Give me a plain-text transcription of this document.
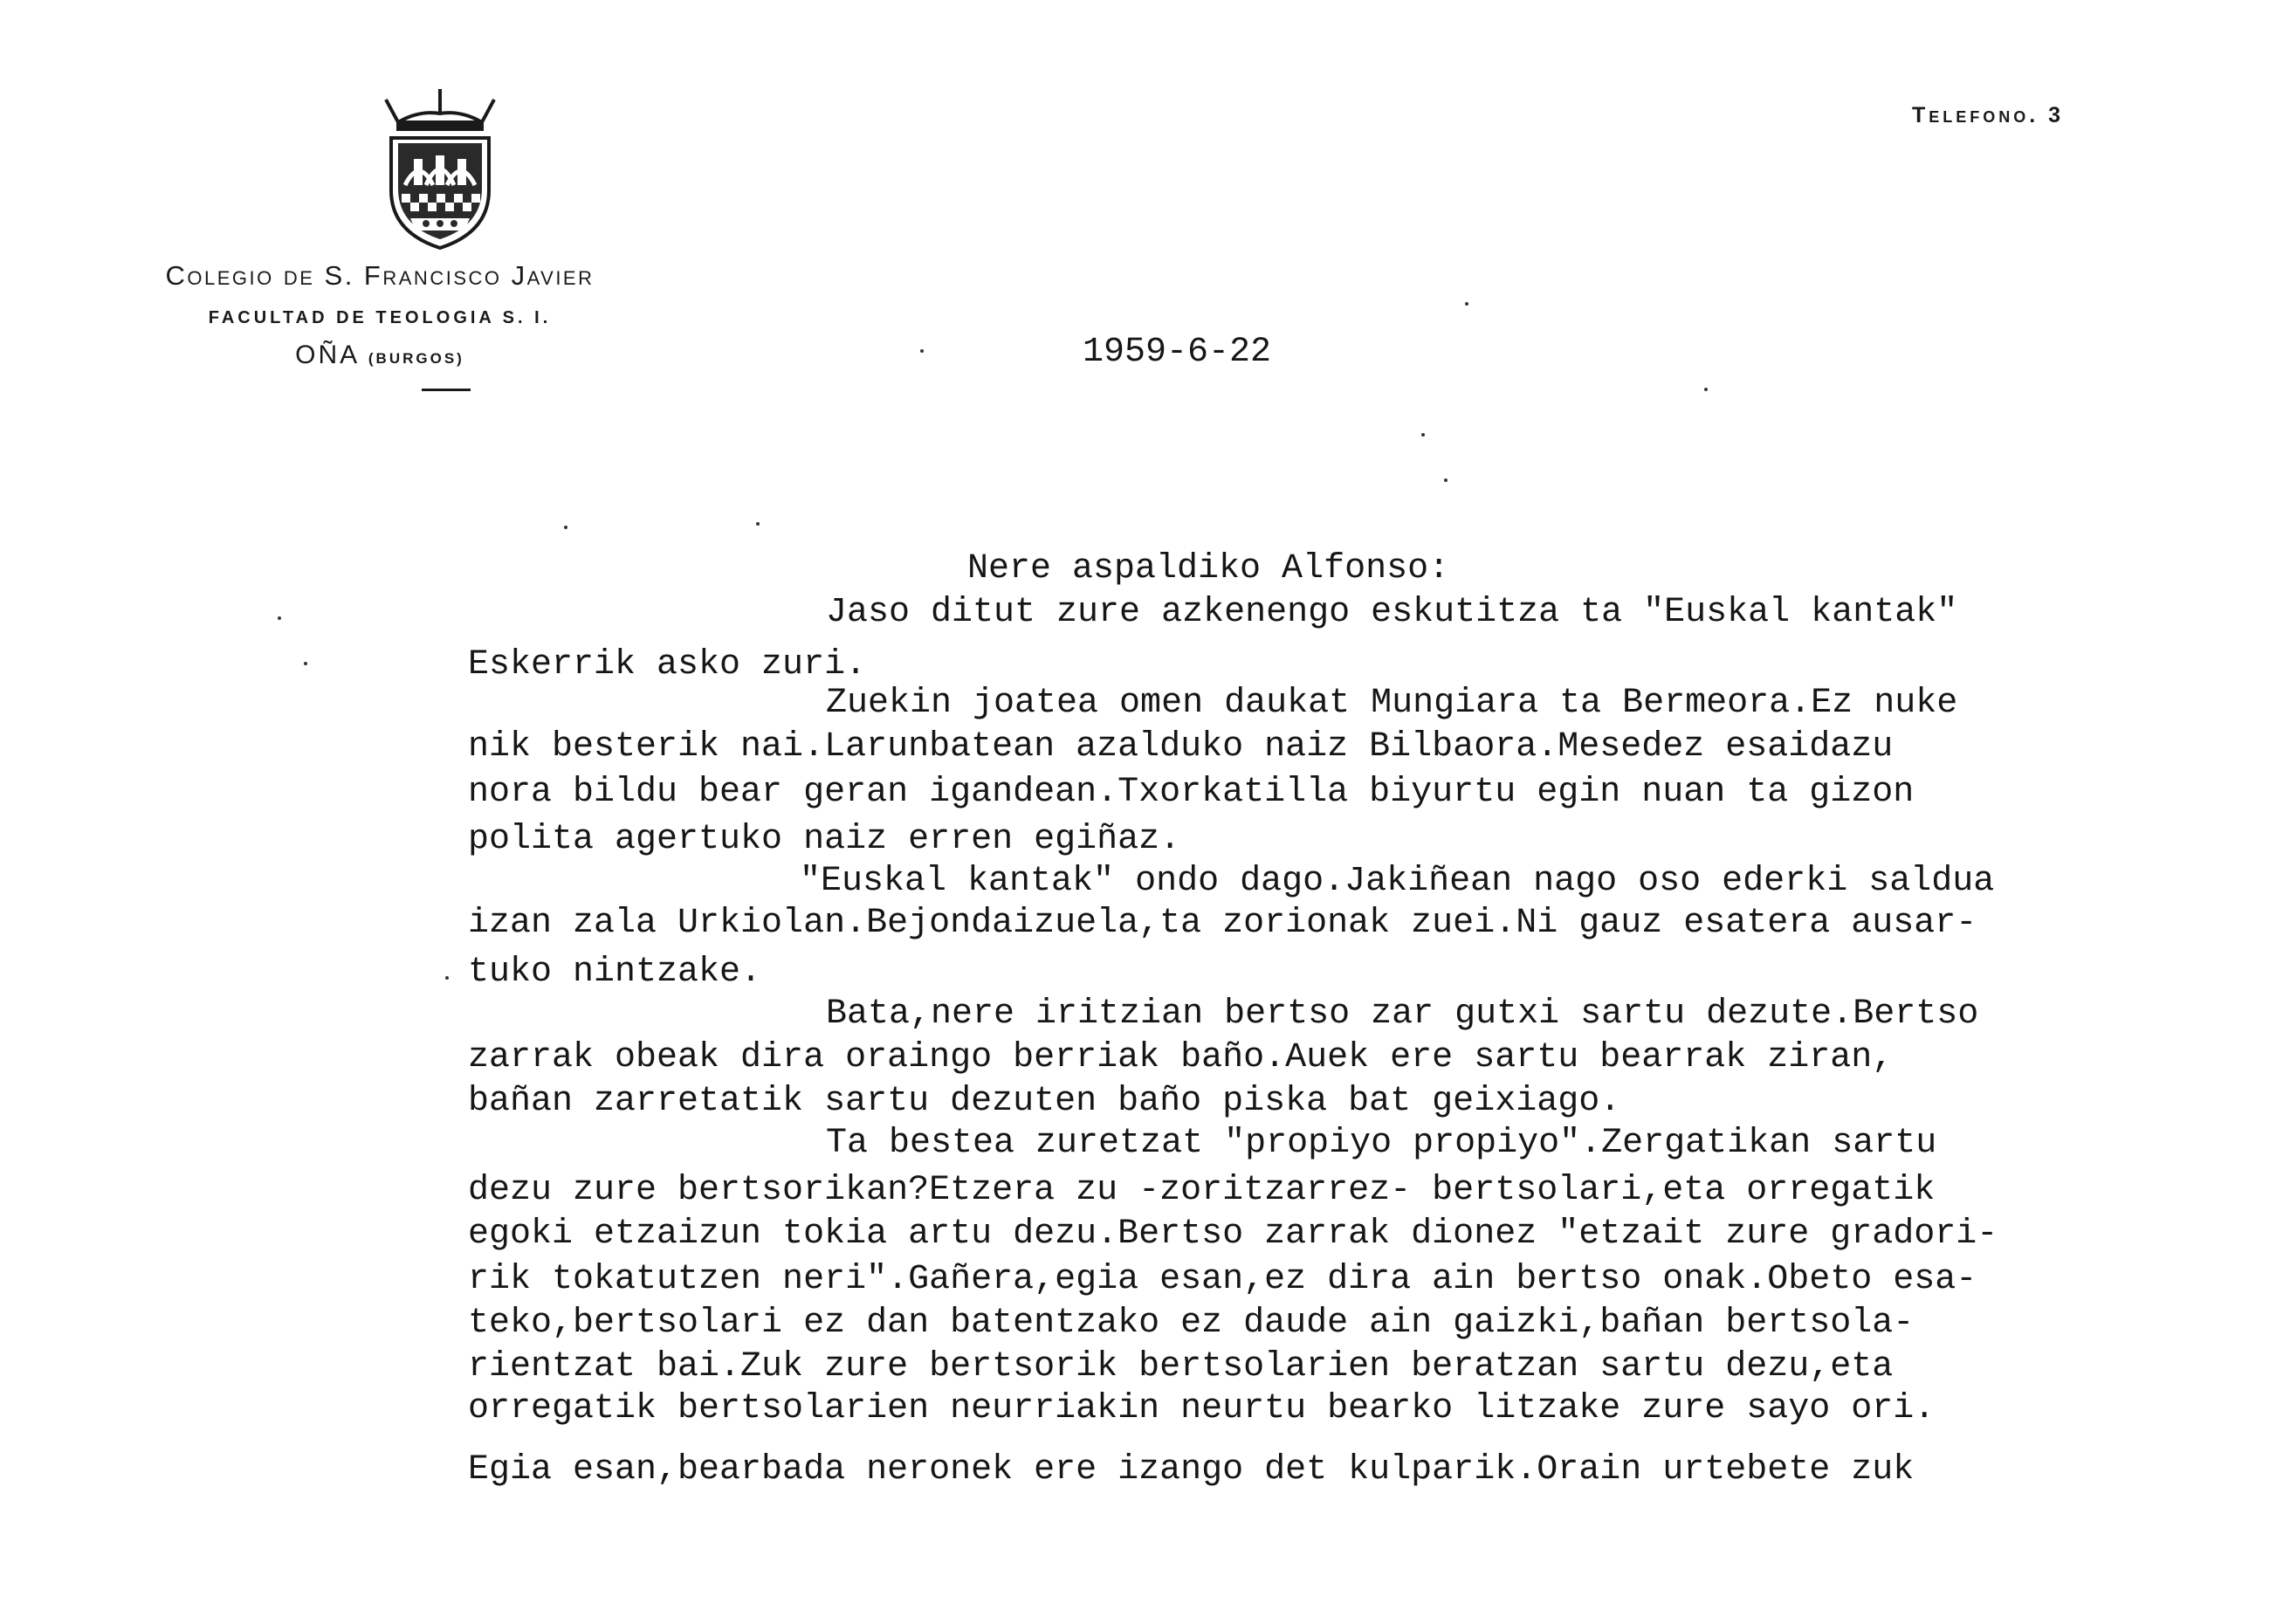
Colegio de S. Francisco Javier
FACULTAD DE TEOLOGIA S. I.
OÑA (BURGOS)
Telefono. 3
1959-6-22
Nere aspaldiko Alfonso:
Jaso ditut zure azkenengo eskutitza ta "Euskal kantak"
Eskerrik asko zuri.
Zuekin joatea omen daukat Mungiara ta Bermeora.Ez nuke
nik besterik nai.Larunbatean azalduko naiz Bilbaora.Mesedez esaidazu
nora bildu bear geran igandean.Txorkatilla biyurtu egin nuan ta gizon
polita agertuko naiz erren egiñaz.
"Euskal kantak" ondo dago.Jakiñean nago oso ederki saldua
izan zala Urkiolan.Bejondaizuela,ta zorionak zuei.Ni gauz esatera ausar-
tuko nintzake.
Bata,nere iritzian bertso zar gutxi sartu dezute.Bertso
zarrak obeak dira oraingo berriak baño.Auek ere sartu bearrak ziran,
bañan zarretatik sartu dezuten baño piska bat geixiago.
Ta bestea zuretzat "propiyo propiyo".Zergatikan sartu
dezu zure bertsorikan?Etzera zu -zoritzarrez- bertsolari,eta orregatik
egoki etzaizun tokia artu dezu.Bertso zarrak dionez "etzait zure gradori-
rik tokatutzen neri".Gañera,egia esan,ez dira ain bertso onak.Obeto esa-
teko,bertsolari ez dan batentzako ez daude ain gaizki,bañan bertsola-
rientzat bai.Zuk zure bertsorik bertsolarien beratzan sartu dezu,eta
orregatik bertsolarien neurriakin neurtu bearko litzake zure sayo ori.
Egia esan,bearbada neronek ere izango det kulparik.Orain urtebete zuk
